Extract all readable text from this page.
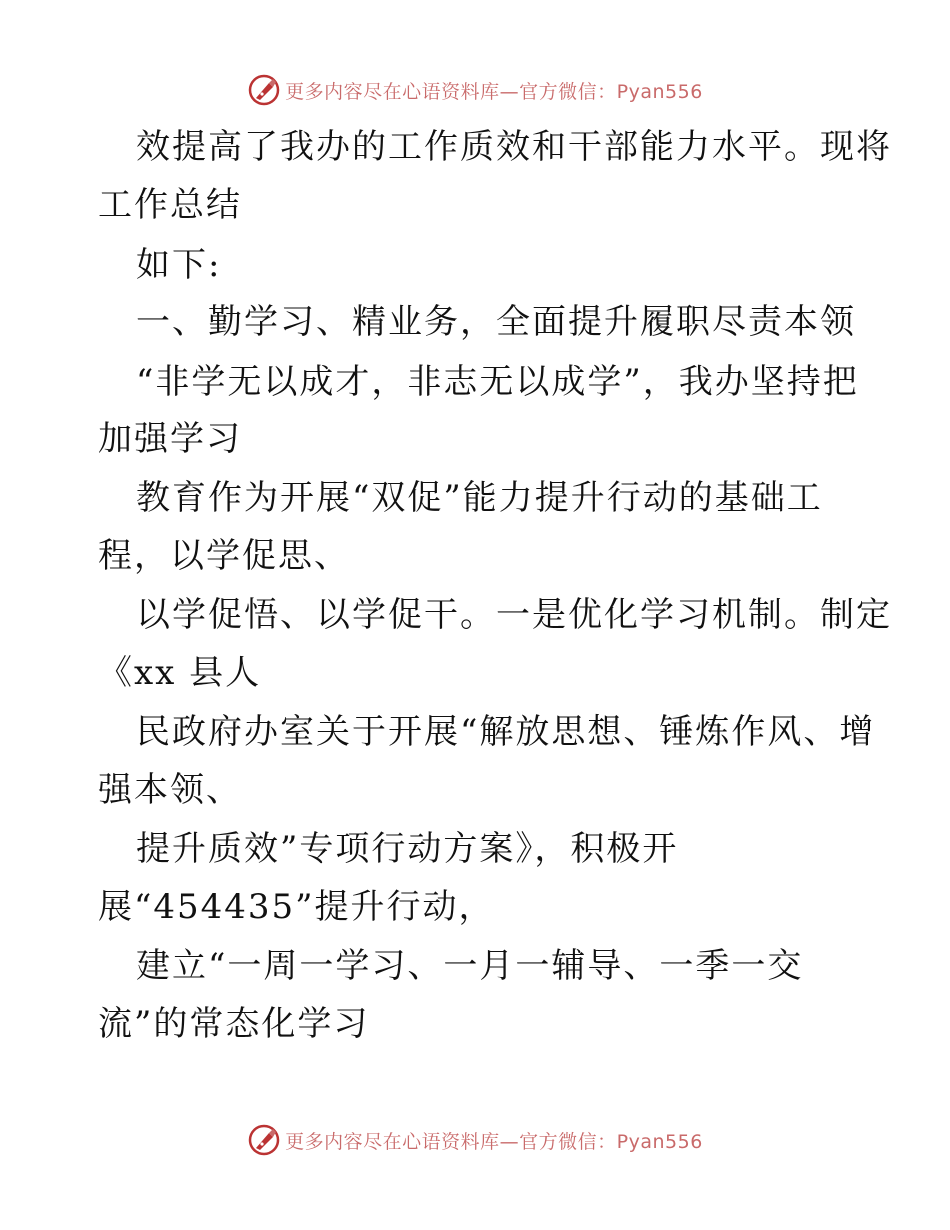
更多内容尽在心语资料库—官方微信：Pyan556
效提高了我办的工作质效和干部能力水平。现将
工作总结
如下:
一、勤学习、精业务，全面提升履职尽责本领
“非学无以成才，非志无以成学”，我办坚持把
加强学习
教育作为开展“双促”能力提升行动的基础工
程，以学促思、
以学促悟、以学促干。一是优化学习机制。制定
《xx 县人
民政府办室关于开展“解放思想、锤炼作风、增
强本领、
提升质效”专项行动方案》，积极开
展“454435”提升行动，
建立“一周一学习、一月一辅导、一季一交
流”的常态化学习
更多内容尽在心语资料库—官方微信：Pyan556
